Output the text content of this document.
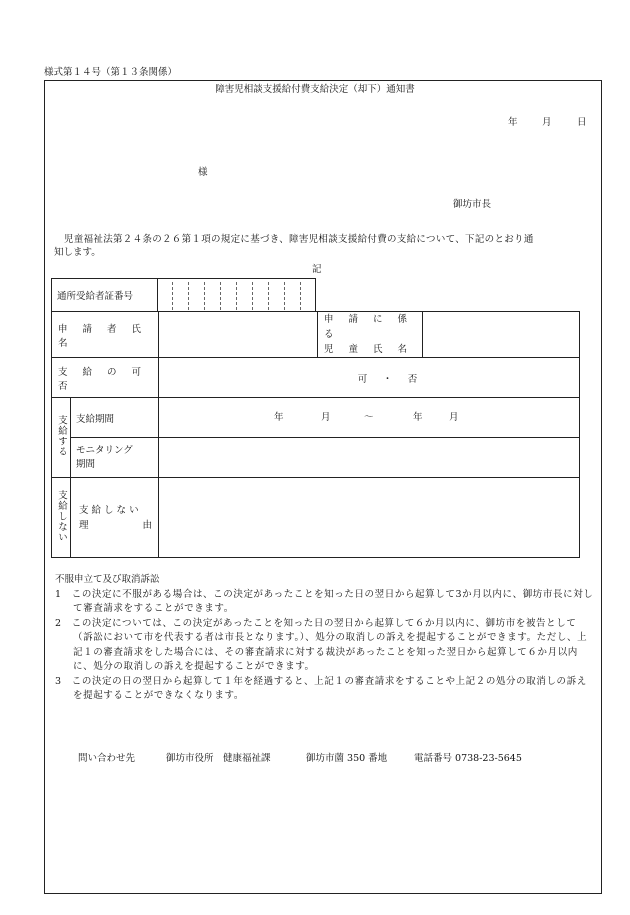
様式第１４号（第１３条関係）
障害児相談支援給付費支給決定（却下）通知書
年	月	日
様
御坊市長
児童福祉法第２４条の２６第１項の規定に基づき、障害児相談支援給付費の支給について、下記のとおり通
知します。
記
通所受給者証番号	
申 請 者 氏 名			申 請 に 係 る
児 童 氏 名	

支 給 の 可 否		可　・　否		
支給する	支給期間	年 月 ～ 年 月		

	モニタリング
期間			

支給しない	支 給 し な い
理 由			

不服申立て及び取消訴訟

1　この決定に不服がある場合は、この決定があったことを知った日の翌日から起算して3か月以内に、御坊市長に対して審査請求をすることができます。

2　この決定については、この決定があったことを知った日の翌日から起算して６か月以内に、御坊市を被告として（訴訟において市を代表する者は市長となります。）、処分の取消しの訴えを提起することができます。ただし、上記１の審査請求をした場合には、その審査請求に対する裁決があったことを知った翌日から起算して６か月以内に、処分の取消しの訴えを提起することができます。

3　この決定の日の翌日から起算して１年を経過すると、上記１の審査請求をすることや上記２の処分の取消しの訴えを提起することができなくなります。

問い合わせ先	御坊市役所　健康福祉課	御坊市薗 350 番地	電話番号 0738-23-5645
